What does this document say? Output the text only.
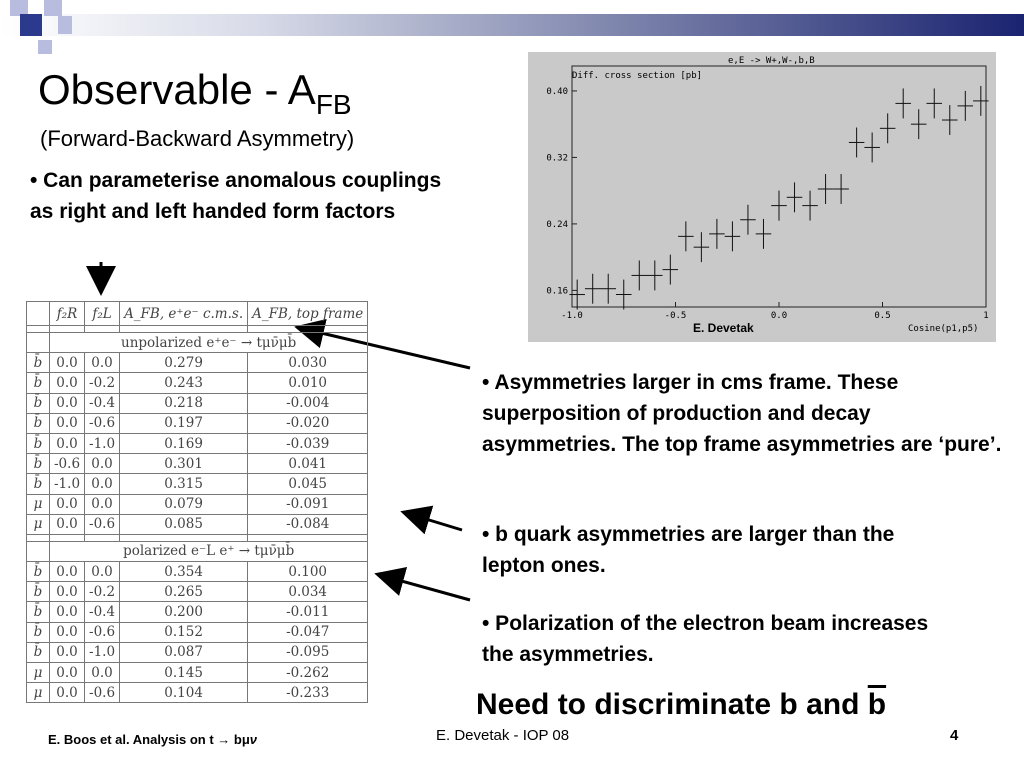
Observable - $A_{FB}$
(Forward-Backward Asymmetry)
• Can parameterise anomalous couplings as right and left handed form factors
• Asymmetries larger in cms frame. These superposition of production and decay asymmetries. The top frame asymmetries are ‘pure’.
• b quark asymmetries are larger than the lepton ones.
• Polarization of the electron beam increases the asymmetries.
Need to discriminate b and $\overline{b}$
E. Boos et al. Analysis on t → bμν	E. Devetak - IOP 08	4
	f₂R	f₂L	A_FB, e⁺e⁻ c.m.s.	A_FB, top frame

	unpolarized e⁺e⁻ → tμν̄μb̄			
b̄	0.0	0.0	0.279	0.030
b̄	0.0	-0.2	0.243	0.010
b̄	0.0	-0.4	0.218	-0.004
b̄	0.0	-0.6	0.197	-0.020
b̄	0.0	-1.0	0.169	-0.039
b̄	-0.6	0.0	0.301	0.041
b̄	-1.0	0.0	0.315	0.045
μ	0.0	0.0	0.079	-0.091
μ	0.0	-0.6	0.085	-0.084

	polarized e⁻L e⁺ → tμν̄μb̄			
b̄	0.0	0.0	0.354	0.100
b̄	0.0	-0.2	0.265	0.034
b̄	0.0	-0.4	0.200	-0.011
b̄	0.0	-0.6	0.152	-0.047
b̄	0.0	-1.0	0.087	-0.095
μ	0.0	0.0	0.145	-0.262
μ	0.0	-0.6	0.104	-0.233
e,E -> W+,W-,b,B
Diff. cross section [pb]
Cosine(p1,p5)
E. Devetak
-1.0	-0.5	0.0	0.5	1
0.16
0.24
0.32
0.40
